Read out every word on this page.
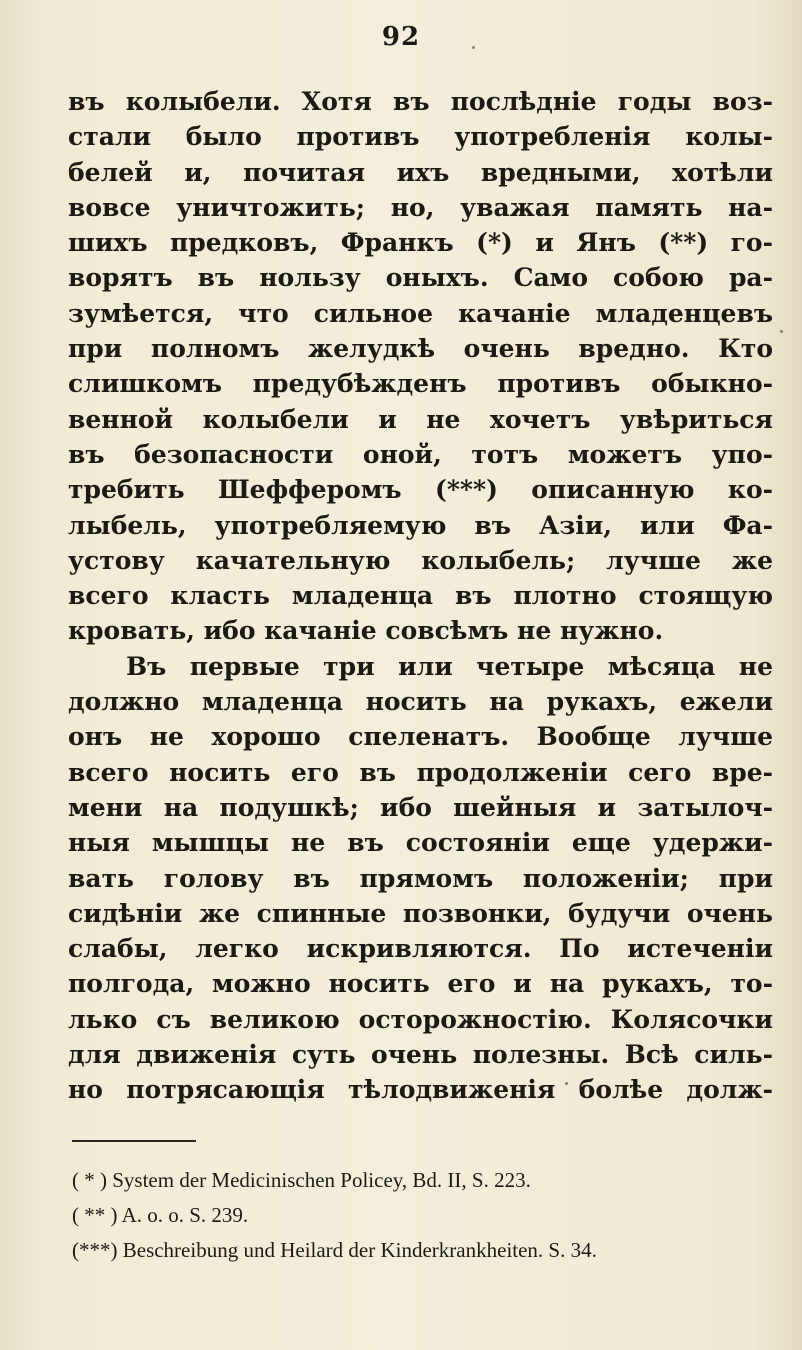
92
въ колыбели. Хотя въ послѣдніе годы воз-
стали было противъ употребленія колы-
белей и, почитая ихъ вредными, хотѣли
вовсе уничтожить; но, уважая память на-
шихъ предковъ, Франкъ (*) и Янъ (**) го-
ворятъ въ нользу оныхъ. Само собою ра-
зумѣется, что сильное качаніе младенцевъ
при полномъ желудкѣ очень вредно. Кто
слишкомъ предубѣжденъ противъ обыкно-
венной колыбели и не хочетъ увѣриться
въ безопасности оной, тотъ можетъ упо-
требить Шефферомъ (***) описанную ко-
лыбель, употребляемую въ Азіи, или Фа-
устову качательную колыбель; лучше же
всего класть младенца въ плотно стоящую
кровать, ибо качаніе совсѣмъ не нужно.
Въ первые три или четыре мѣсяца не
должно младенца носить на рукахъ, ежели
онъ не хорошо спеленатъ. Вообще лучше
всего носить его въ продолженіи сего вре-
мени на подушкѣ; ибо шейныя и затылоч-
ныя мышцы не въ состояніи еще удержи-
вать голову въ прямомъ положеніи; при
сидѣніи же спинные позвонки, будучи очень
слабы, легко искривляются. По истеченіи
полгода, можно носить его и на рукахъ, то-
лько съ великою осторожностію. Колясочки
для движенія суть очень полезны. Всѣ силь-
но потрясающія тѣлодвиженія болѣе долж-
( * ) System der Medicinischen Policey, Bd. II, S. 223.
( ** ) A. o. o. S. 239.
(***) Beschreibung und Heilard der Kinderkrankheiten. S. 34.
